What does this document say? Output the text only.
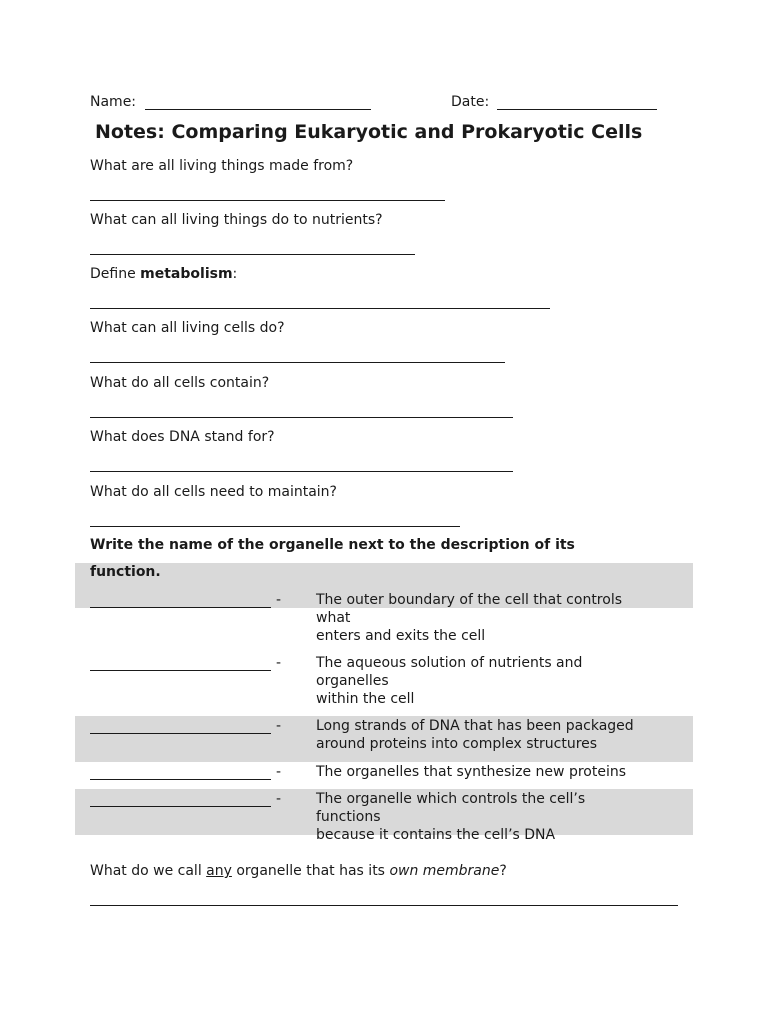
Name:	Date:
Notes: Comparing Eukaryotic and Prokaryotic Cells
What are all living things made from?
What can all living things do to nutrients?
Define metabolism:
What can all living cells do?
What do all cells contain?
What does DNA stand for?
What do all cells need to maintain?
Write the name of the organelle next to the description of its
function.
- The outer boundary of the cell that controls
what
enters and exits the cell
- The aqueous solution of nutrients and
organelles
within the cell
- Long strands of DNA that has been packaged
around proteins into complex structures
- The organelles that synthesize new proteins
- The organelle which controls the cell’s
functions
because it contains the cell’s DNA
What do we call any organelle that has its own membrane?
